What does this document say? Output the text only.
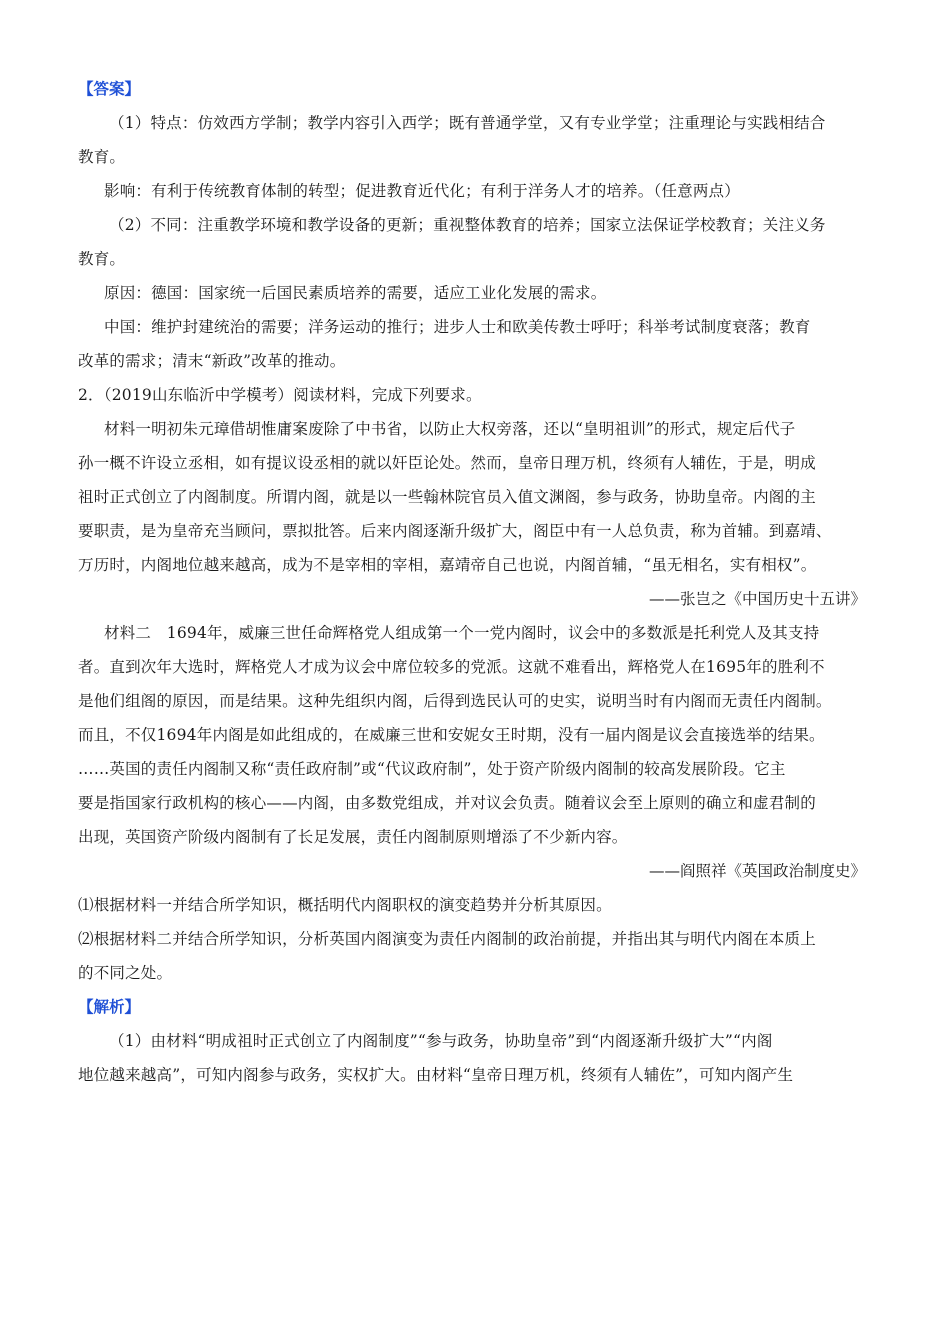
【答案】
（1）特点：仿效西方学制；教学内容引入西学；既有普通学堂，又有专业学堂；注重理论与实践相结合
教育。
影响：有利于传统教育体制的转型；促进教育近代化；有利于洋务人才的培养。（任意两点）
（2）不同：注重教学环境和教学设备的更新；重视整体教育的培养；国家立法保证学校教育；关注义务
教育。
原因：德国：国家统一后国民素质培养的需要，适应工业化发展的需求。
中国：维护封建统治的需要；洋务运动的推行；进步人士和欧美传教士呼吁；科举考试制度衰落；教育
改革的需求；清末“新政”改革的推动。
2．（2019山东临沂中学模考）阅读材料，完成下列要求。
材料一明初朱元璋借胡惟庸案废除了中书省，以防止大权旁落，还以“皇明祖训”的形式，规定后代子
孙一概不许设立丞相，如有提议设丞相的就以奸臣论处。然而，皇帝日理万机，终须有人辅佐，于是，明成
祖时正式创立了内阁制度。所谓内阁，就是以一些翰林院官员入值文渊阁，参与政务，协助皇帝。内阁的主
要职责，是为皇帝充当顾问，票拟批答。后来内阁逐渐升级扩大，阁臣中有一人总负责，称为首辅。到嘉靖、
万历时，内阁地位越来越高，成为不是宰相的宰相，嘉靖帝自己也说，内阁首辅，“虽无相名，实有相权”。
——张岂之《中国历史十五讲》
材料二　1694年，威廉三世任命辉格党人组成第一个一党内阁时，议会中的多数派是托利党人及其支持
者。直到次年大选时，辉格党人才成为议会中席位较多的党派。这就不难看出，辉格党人在1695年的胜利不
是他们组阁的原因，而是结果。这种先组织内阁，后得到选民认可的史实，说明当时有内阁而无责任内阁制。
而且，不仅1694年内阁是如此组成的，在威廉三世和安妮女王时期，没有一届内阁是议会直接选举的结果。
……英国的责任内阁制又称“责任政府制”或“代议政府制”，处于资产阶级内阁制的较高发展阶段。它主
要是指国家行政机构的核心——内阁，由多数党组成，并对议会负责。随着议会至上原则的确立和虚君制的
出现，英国资产阶级内阁制有了长足发展，责任内阁制原则增添了不少新内容。
——阎照祥《英国政治制度史》
⑴根据材料一并结合所学知识，概括明代内阁职权的演变趋势并分析其原因。
⑵根据材料二并结合所学知识，分析英国内阁演变为责任内阁制的政治前提，并指出其与明代内阁在本质上
的不同之处。
【解析】
（1）由材料“明成祖时正式创立了内阁制度”“参与政务，协助皇帝”到“内阁逐渐升级扩大”“内阁
地位越来越高”，可知内阁参与政务，实权扩大。由材料“皇帝日理万机，终须有人辅佐”，可知内阁产生
